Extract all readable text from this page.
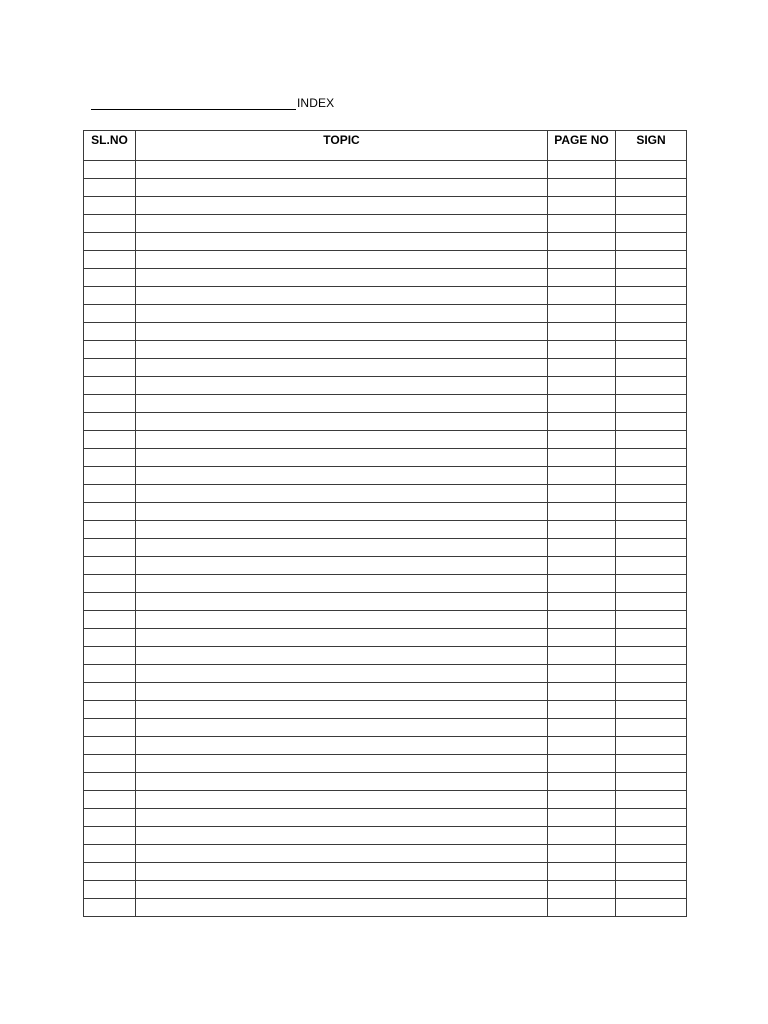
INDEX
SL.NO	TOPIC	PAGE NO	SIGN
